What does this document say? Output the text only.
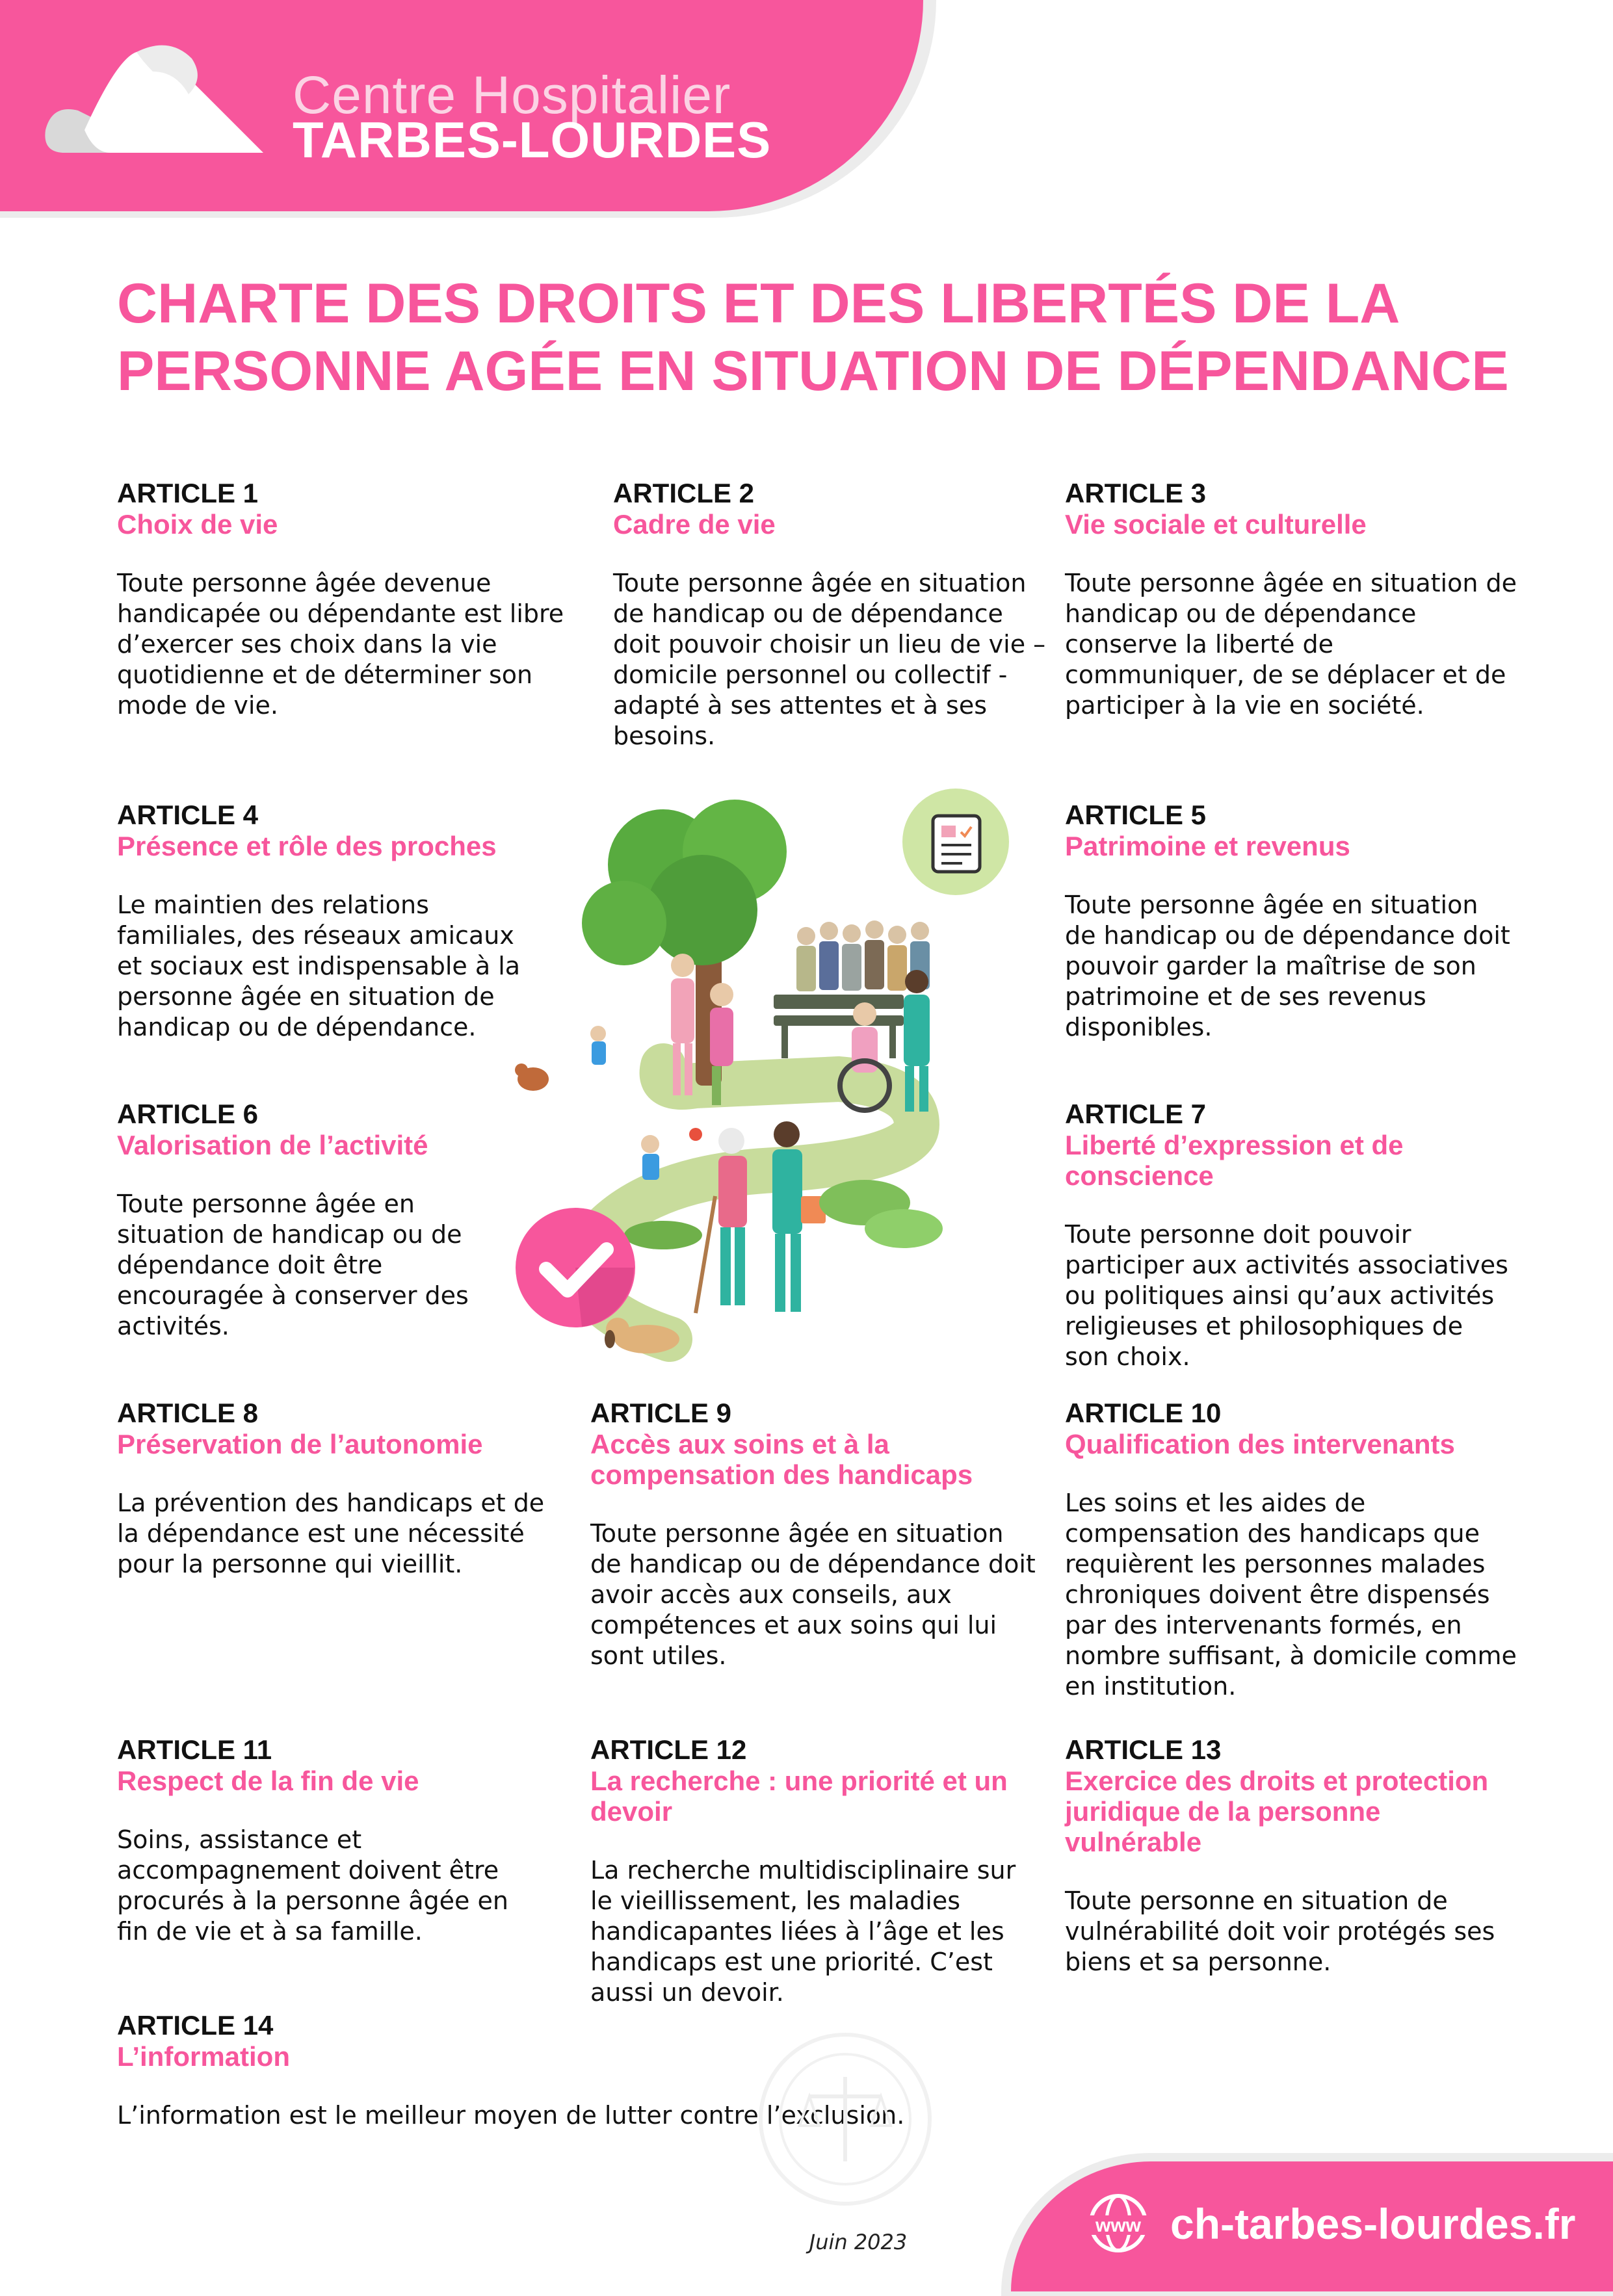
Centre Hospitalier
TARBES-LOURDES
CHARTE DES DROITS ET DES LIBERTÉS DE LA
PERSONNE AGÉE EN SITUATION DE DÉPENDANCE
ARTICLE 1
Choix de vie
Toute personne âgée devenue handicapée ou dépendante est libre d’exercer ses choix dans la vie quotidienne et de déterminer son mode de vie.
ARTICLE 2
Cadre de vie
Toute personne âgée en situation de handicap ou de dépendance doit pouvoir choisir un lieu de vie – domicile personnel ou collectif - adapté à ses attentes et à ses besoins.
ARTICLE 3
Vie sociale et culturelle
Toute personne âgée en situation de handicap ou de dépendance conserve la liberté de communiquer, de se déplacer et de participer à la vie en société.
ARTICLE 4
Présence et rôle des proches
Le maintien des relations familiales, des réseaux amicaux et sociaux est indispensable à la personne âgée en situation de handicap ou de dépendance.
ARTICLE 5
Patrimoine et revenus
Toute personne âgée en situation de handicap ou de dépendance doit pouvoir garder la maîtrise de son patrimoine et de ses revenus disponibles.
ARTICLE 6
Valorisation de l’activité
Toute personne âgée en situation de handicap ou de dépendance doit être encouragée à conserver des activités.
ARTICLE 7
Liberté d’expression et de conscience
Toute personne doit pouvoir participer aux activités associatives ou politiques ainsi qu’aux activités religieuses et philosophiques de son choix.
ARTICLE 8
Préservation de l’autonomie
La prévention des handicaps et de la dépendance est une nécessité pour la personne qui vieillit.
ARTICLE 9
Accès aux soins et à la compensation des handicaps
Toute personne âgée en situation de handicap ou de dépendance doit avoir accès aux conseils, aux compétences et aux soins qui lui sont utiles.
ARTICLE 10
Qualification des intervenants
Les soins et les aides de compensation des handicaps que requièrent les personnes malades chroniques doivent être dispensés par des intervenants formés, en nombre suffisant, à domicile comme en institution.
ARTICLE 11
Respect de la fin de vie
Soins, assistance et accompagnement doivent être procurés à la personne âgée en fin de vie et à sa famille.
ARTICLE 12
La recherche : une priorité et un devoir
La recherche multidisciplinaire sur le vieillissement, les maladies handicapantes liées à l’âge et les handicaps est une priorité. C’est aussi un devoir.
ARTICLE 13
Exercice des droits et protection juridique de la personne vulnérable
Toute personne en situation de vulnérabilité doit voir protégés ses biens et sa personne.
ARTICLE 14
L’information
L’information est le meilleur moyen de lutter contre l’exclusion.
Juin 2023
www ch-tarbes-lourdes.fr
